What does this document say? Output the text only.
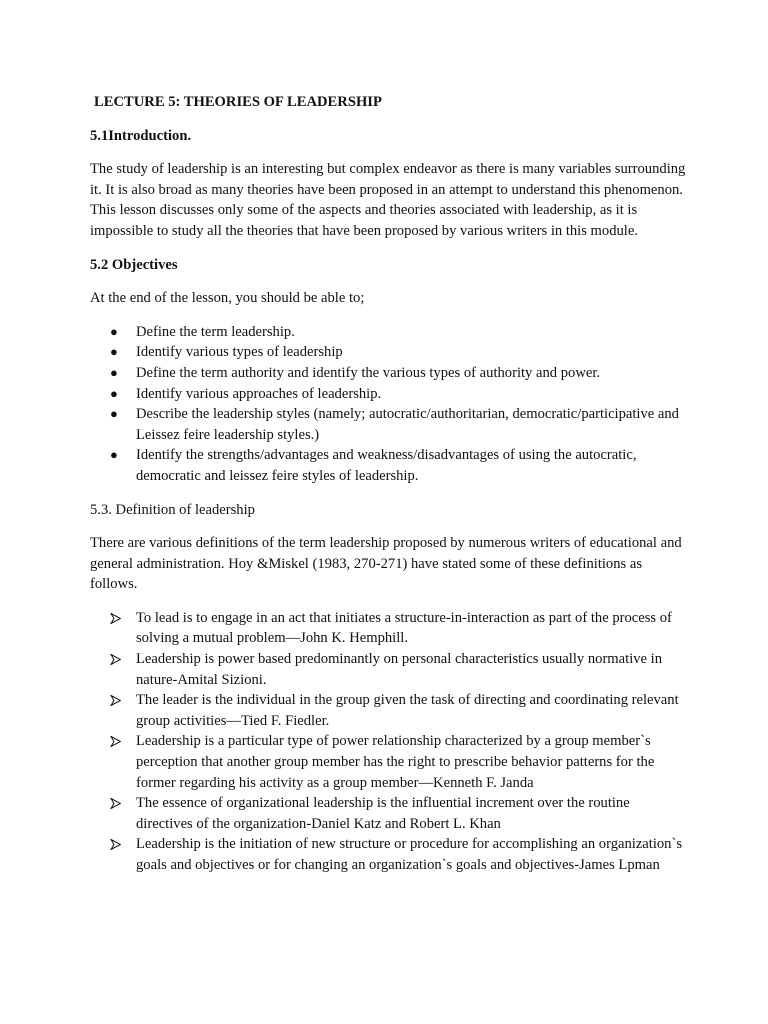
LECTURE 5: THEORIES OF LEADERSHIP
5.1Introduction.

The study of leadership is an interesting but complex endeavor as there is many variables surrounding it. It is also broad as many theories have been proposed in an attempt to understand this phenomenon. This lesson discusses only some of the aspects and theories associated with leadership, as it is impossible to study all the theories that have been proposed by various writers in this module.

5.2 Objectives

At the end of the lesson, you should be able to;

●	Define the term leadership.
●	Identify various types of leadership
●	Define the term authority and identify the various types of authority and power.
●	Identify various approaches of leadership.
●	Describe the leadership styles (namely; autocratic/authoritarian, democratic/participative and Leissez feire leadership styles.)
●	Identify the strengths/advantages and weakness/disadvantages of using the autocratic, democratic and leissez feire styles of leadership.
5.3. Definition of leadership

There are various definitions of the term leadership proposed by numerous writers of educational and general administration. Hoy &Miskel (1983, 270-271) have stated some of these definitions as follows.

To lead is to engage in an act that initiates a structure-in-interaction as part of the process of solving a mutual problem—John K. Hemphill.
Leadership is power based predominantly on personal characteristics usually normative in nature-Amital Sizioni.
The leader is the individual in the group given the task of directing and coordinating relevant group activities—Tied F. Fiedler.
Leadership is a particular type of power relationship characterized by a group member`s perception that another group member has the right to prescribe behavior patterns for the former regarding his activity as a group member—Kenneth F. Janda
The essence of organizational leadership is the influential increment over the routine directives of the organization-Daniel Katz and Robert L. Khan
Leadership is the initiation of new structure or procedure for accomplishing an organization`s goals and objectives or for changing an organization`s goals and objectives-James Lpman
